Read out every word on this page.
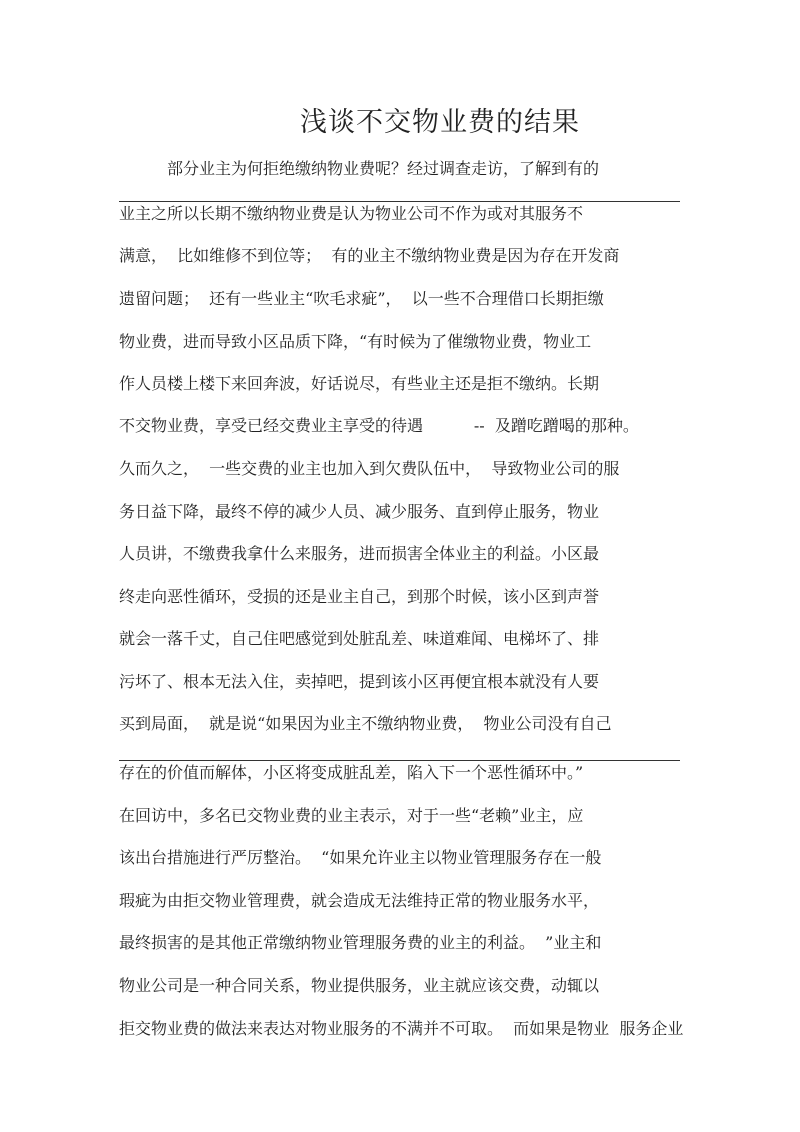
浅谈不交物业费的结果
部分业主为何拒绝缴纳物业费呢？经过调查走访，了解到有的
业主之所以长期不缴纳物业费是认为物业公司不作为或对其服务不
满意，  比如维修不到位等；  有的业主不缴纳物业费是因为存在开发商
遗留问题；  还有一些业主“吹毛求疵”，  以一些不合理借口长期拒缴
物业费，进而导致小区品质下降，“有时候为了催缴物业费，物业工
作人员楼上楼下来回奔波，好话说尽，有些业主还是拒不缴纳。长期
不交物业费，享受已经交费业主享受的待遇          --  及蹭吃蹭喝的那种。
久而久之，  一些交费的业主也加入到欠费队伍中，  导致物业公司的服
务日益下降，最终不停的减少人员、减少服务、直到停止服务，物业
人员讲，不缴费我拿什么来服务，进而损害全体业主的利益。小区最
终走向恶性循环，受损的还是业主自己，到那个时候，该小区到声誉
就会一落千丈，自己住吧感觉到处脏乱差、味道难闻、电梯坏了、排
污坏了、根本无法入住，卖掉吧，提到该小区再便宜根本就没有人要
买到局面，  就是说“如果因为业主不缴纳物业费，  物业公司没有自己
存在的价值而解体，小区将变成脏乱差，陷入下一个恶性循环中。”
在回访中，多名已交物业费的业主表示，对于一些“老赖”业主，应
该出台措施进行严厉整治。  “如果允许业主以物业管理服务存在一般
瑕疵为由拒交物业管理费，就会造成无法维持正常的物业服务水平，
最终损害的是其他正常缴纳物业管理服务费的业主的利益。  ”业主和
物业公司是一种合同关系，物业提供服务，业主就应该交费，动辄以
拒交物业费的做法来表达对物业服务的不满并不可取。  而如果是物业  服务企业
